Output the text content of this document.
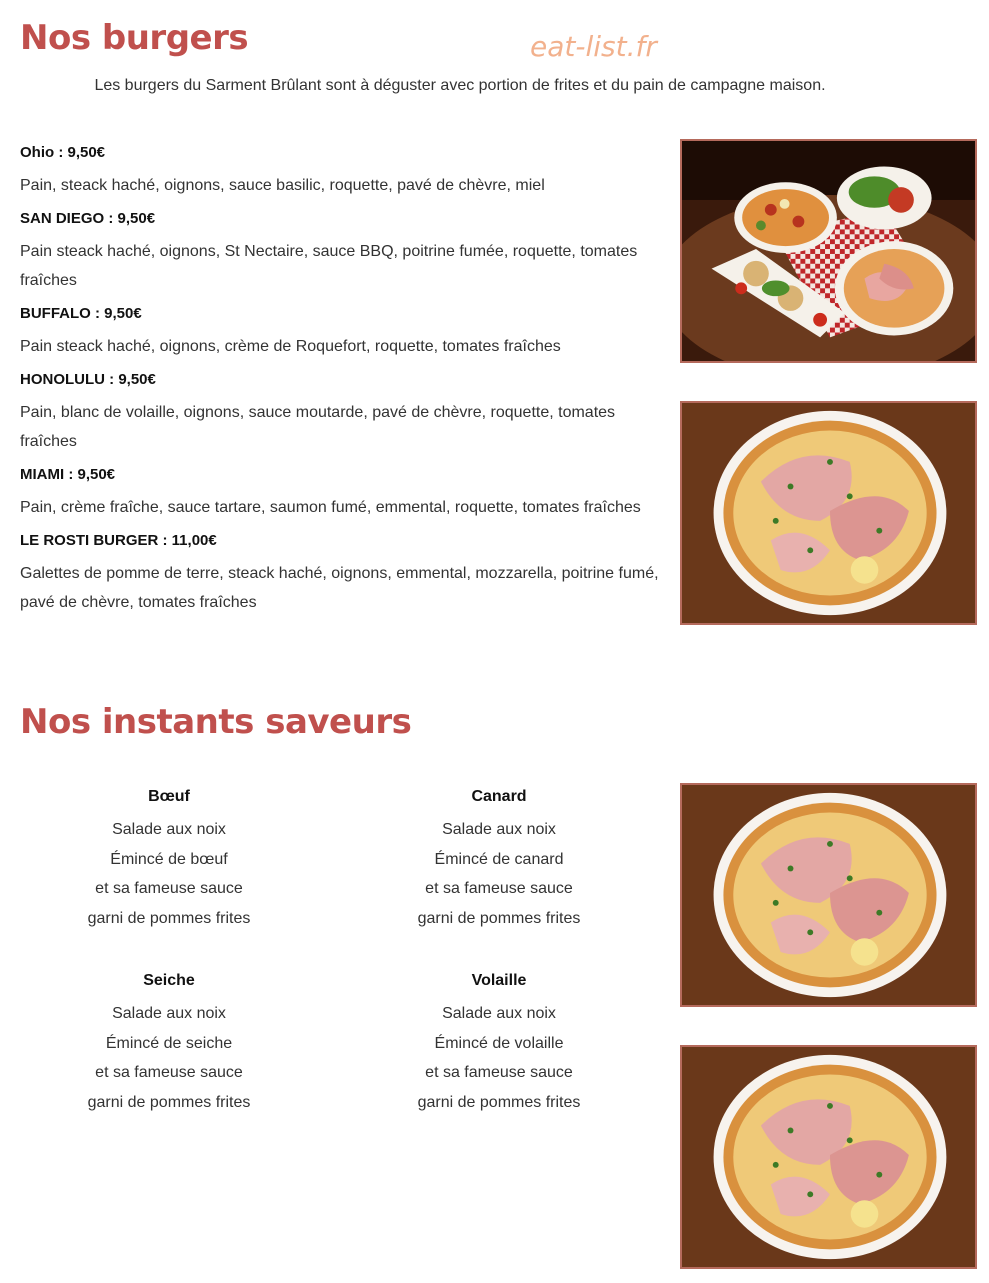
Nos burgers	eat-list.fr
Les burgers du Sarment Brûlant sont à déguster avec portion de frites et du pain de campagne maison.
Ohio : 9,50€
Pain, steack haché, oignons, sauce basilic, roquette, pavé de chèvre, miel
SAN DIEGO : 9,50€
Pain steack haché, oignons, St Nectaire, sauce BBQ, poitrine fumée, roquette, tomates fraîches
BUFFALO : 9,50€
Pain steack haché, oignons, crème de Roquefort, roquette, tomates fraîches
HONOLULU : 9,50€
Pain, blanc de volaille, oignons, sauce moutarde, pavé de chèvre, roquette, tomates fraîches
MIAMI : 9,50€
Pain, crème fraîche, sauce tartare, saumon fumé, emmental, roquette, tomates fraîches
LE ROSTI BURGER : 11,00€
Galettes de pomme de terre, steack haché, oignons, emmental, mozzarella, poitrine fumé, pavé de chèvre, tomates fraîches
Nos instants saveurs
Bœuf
Salade aux noix
Émincé de bœuf
et sa fameuse sauce
garni de pommes frites
Canard
Salade aux noix
Émincé de canard
et sa fameuse sauce
garni de pommes frites
Seiche
Salade aux noix
Émincé de seiche
et sa fameuse sauce
garni de pommes frites
Volaille
Salade aux noix
Émincé de volaille
et sa fameuse sauce
garni de pommes frites
